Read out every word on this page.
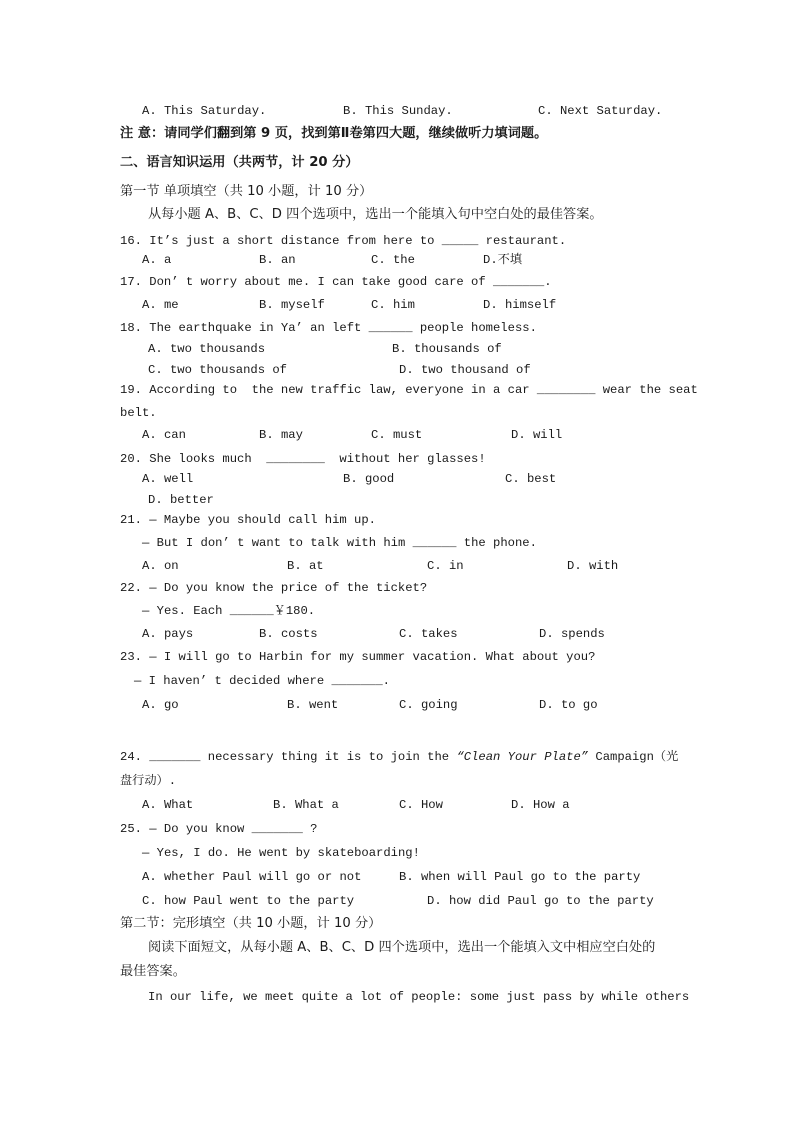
A. This Saturday.	B. This Sunday.	C. Next Saturday.
注 意：请同学们翻到第 9 页，找到第Ⅱ卷第四大题，继续做听力填词题。
二、语言知识运用（共两节，计 20 分）
第一节 单项填空（共 10 小题，计 10 分）
从每小题 A、B、C、D 四个选项中，选出一个能填入句中空白处的最佳答案。
16. It’s just a short distance from here to _____ restaurant.
A. a	B. an	C. the	D.不填
17. Don’ t worry about me. I can take good care of _______.
A. me	B. myself	C. him	D. himself
18. The earthquake in Ya’ an left ______ people homeless.
A. two thousands	B. thousands of
C. two thousands of	D. two thousand of
19. According to  the new traffic law, everyone in a car ________ wear the seat
belt.
A. can	B. may	C. must	D. will
20. She looks much  ________  without her glasses!
A. well	B. good	C. best
D. better
21. — Maybe you should call him up.
— But I don’ t want to talk with him ______ the phone.
A. on	B. at	C. in	D. with
22. — Do you know the price of the ticket?
— Yes. Each ______￥180.
A. pays	B. costs	C. takes	D. spends
23. — I will go to Harbin for my summer vacation. What about you?
— I haven’ t decided where _______.
A. go	B. went	C. going	D. to go
24. _______ necessary thing it is to join the “Clean Your Plate” Campaign（光
盘行动）.
A. What	B. What a	C. How	D. How a
25. — Do you know _______ ?
— Yes, I do. He went by skateboarding!
A. whether Paul will go or not	B. when will Paul go to the party
C. how Paul went to the party	D. how did Paul go to the party
第二节：完形填空（共 10 小题，计 10 分）
阅读下面短文，从每小题 A、B、C、D 四个选项中，选出一个能填入文中相应空白处的
最佳答案。
In our life, we meet quite a lot of people: some just pass by while others
